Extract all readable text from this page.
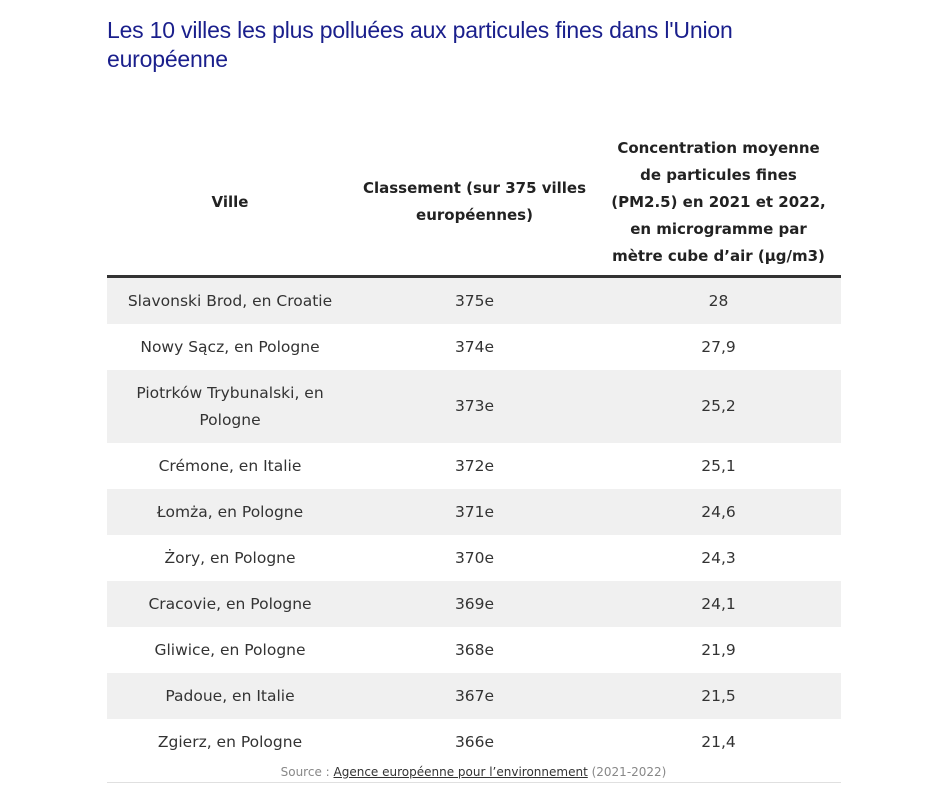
Les 10 villes les plus polluées aux particules fines dans l'Union européenne
Ville	Classement (sur 375 villes européennes)	Concentration moyenne de particules fines (PM2.5) en 2021 et 2022, en microgramme par mètre cube d’air (µg/m3)
Slavonski Brod, en Croatie	375e	28
Nowy Sącz, en Pologne	374e	27,9
Piotrków Trybunalski, en Pologne	373e	25,2
Crémone, en Italie	372e	25,1
Łomża, en Pologne	371e	24,6
Żory, en Pologne	370e	24,3
Cracovie, en Pologne	369e	24,1
Gliwice, en Pologne	368e	21,9
Padoue, en Italie	367e	21,5
Zgierz, en Pologne	366e	21,4
Source : Agence européenne pour l’environnement (2021-2022)
